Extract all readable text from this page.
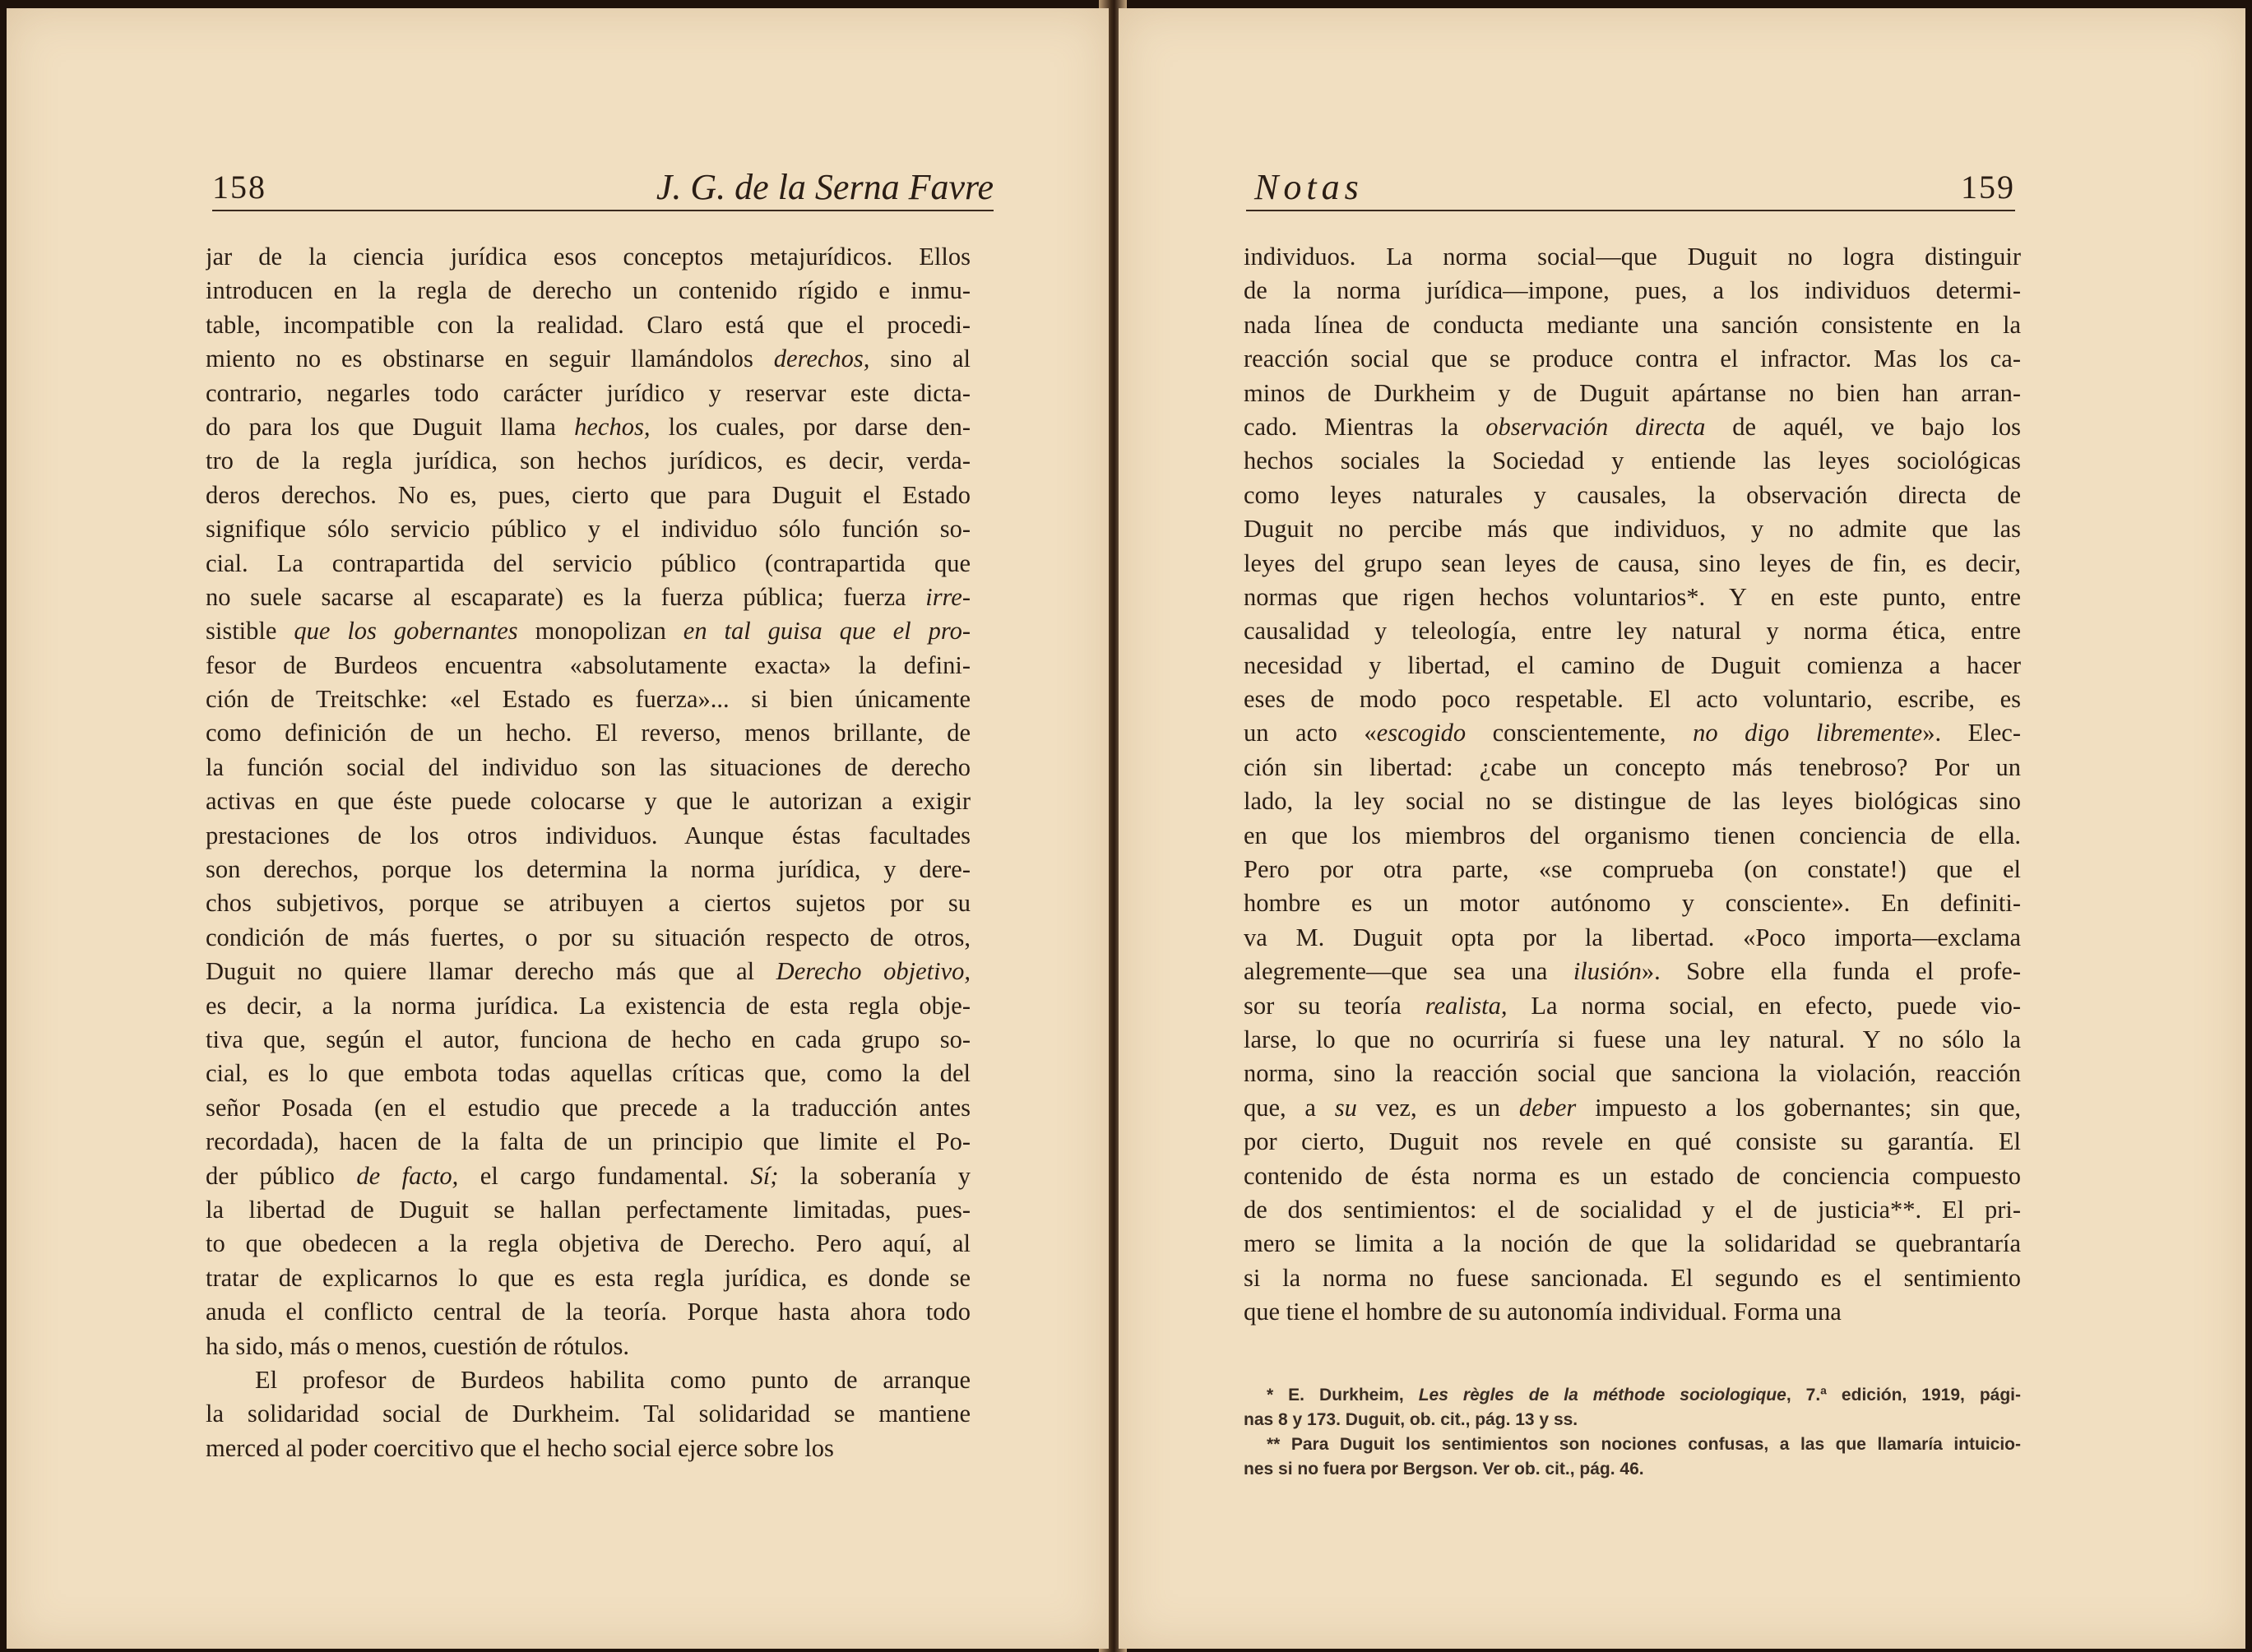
158	J. G. de la Serna Favre
jar de la ciencia jurídica esos conceptos metajurídicos. Ellos
introducen en la regla de derecho un contenido rígido e inmu-
table, incompatible con la realidad. Claro está que el procedi-
miento no es obstinarse en seguir llamándolos derechos, sino al
contrario, negarles todo carácter jurídico y reservar este dicta-
do para los que Duguit llama hechos, los cuales, por darse den-
tro de la regla jurídica, son hechos jurídicos, es decir, verda-
deros derechos. No es, pues, cierto que para Duguit el Estado
signifique sólo servicio público y el individuo sólo función so-
cial. La contrapartida del servicio público (contrapartida que
no suele sacarse al escaparate) es la fuerza pública; fuerza irre-
sistible que los gobernantes monopolizan en tal guisa que el pro-
fesor de Burdeos encuentra «absolutamente exacta» la defini-
ción de Treitschke: «el Estado es fuerza»... si bien únicamente
como definición de un hecho. El reverso, menos brillante, de
la función social del individuo son las situaciones de derecho
activas en que éste puede colocarse y que le autorizan a exigir
prestaciones de los otros individuos. Aunque éstas facultades
son derechos, porque los determina la norma jurídica, y dere-
chos subjetivos, porque se atribuyen a ciertos sujetos por su
condición de más fuertes, o por su situación respecto de otros,
Duguit no quiere llamar derecho más que al Derecho objetivo,
es decir, a la norma jurídica. La existencia de esta regla obje-
tiva que, según el autor, funciona de hecho en cada grupo so-
cial, es lo que embota todas aquellas críticas que, como la del
señor Posada (en el estudio que precede a la traducción antes
recordada), hacen de la falta de un principio que limite el Po-
der público de facto, el cargo fundamental. Sí; la soberanía y
la libertad de Duguit se hallan perfectamente limitadas, pues-
to que obedecen a la regla objetiva de Derecho. Pero aquí, al
tratar de explicarnos lo que es esta regla jurídica, es donde se
anuda el conflicto central de la teoría. Porque hasta ahora todo
ha sido, más o menos, cuestión de rótulos.
El profesor de Burdeos habilita como punto de arranque
la solidaridad social de Durkheim. Tal solidaridad se mantiene
merced al poder coercitivo que el hecho social ejerce sobre los
Notas	159
individuos. La norma social—que Duguit no logra distinguir
de la norma jurídica—impone, pues, a los individuos determi-
nada línea de conducta mediante una sanción consistente en la
reacción social que se produce contra el infractor. Mas los ca-
minos de Durkheim y de Duguit apártanse no bien han arran-
cado. Mientras la observación directa de aquél, ve bajo los
hechos sociales la Sociedad y entiende las leyes sociológicas
como leyes naturales y causales, la observación directa de
Duguit no percibe más que individuos, y no admite que las
leyes del grupo sean leyes de causa, sino leyes de fin, es decir,
normas que rigen hechos voluntarios*. Y en este punto, entre
causalidad y teleología, entre ley natural y norma ética, entre
necesidad y libertad, el camino de Duguit comienza a hacer
eses de modo poco respetable. El acto voluntario, escribe, es
un acto «escogido conscientemente, no digo libremente». Elec-
ción sin libertad: ¿cabe un concepto más tenebroso? Por un
lado, la ley social no se distingue de las leyes biológicas sino
en que los miembros del organismo tienen conciencia de ella.
Pero por otra parte, «se comprueba (on constate!) que el
hombre es un motor autónomo y consciente». En definiti-
va M. Duguit opta por la libertad. «Poco importa—exclama
alegremente—que sea una ilusión». Sobre ella funda el profe-
sor su teoría realista, La norma social, en efecto, puede vio-
larse, lo que no ocurriría si fuese una ley natural. Y no sólo la
norma, sino la reacción social que sanciona la violación, reacción
que, a su vez, es un deber impuesto a los gobernantes; sin que,
por cierto, Duguit nos revele en qué consiste su garantía. El
contenido de ésta norma es un estado de conciencia compuesto
de dos sentimientos: el de socialidad y el de justicia**. El pri-
mero se limita a la noción de que la solidaridad se quebrantaría
si la norma no fuese sancionada. El segundo es el sentimiento
que tiene el hombre de su autonomía individual. Forma una
* E. Durkheim, Les règles de la méthode sociologique, 7.ª edición, 1919, pági-
nas 8 y 173. Duguit, ob. cit., pág. 13 y ss.
** Para Duguit los sentimientos son nociones confusas, a las que llamaría intuicio-
nes si no fuera por Bergson. Ver ob. cit., pág. 46.
